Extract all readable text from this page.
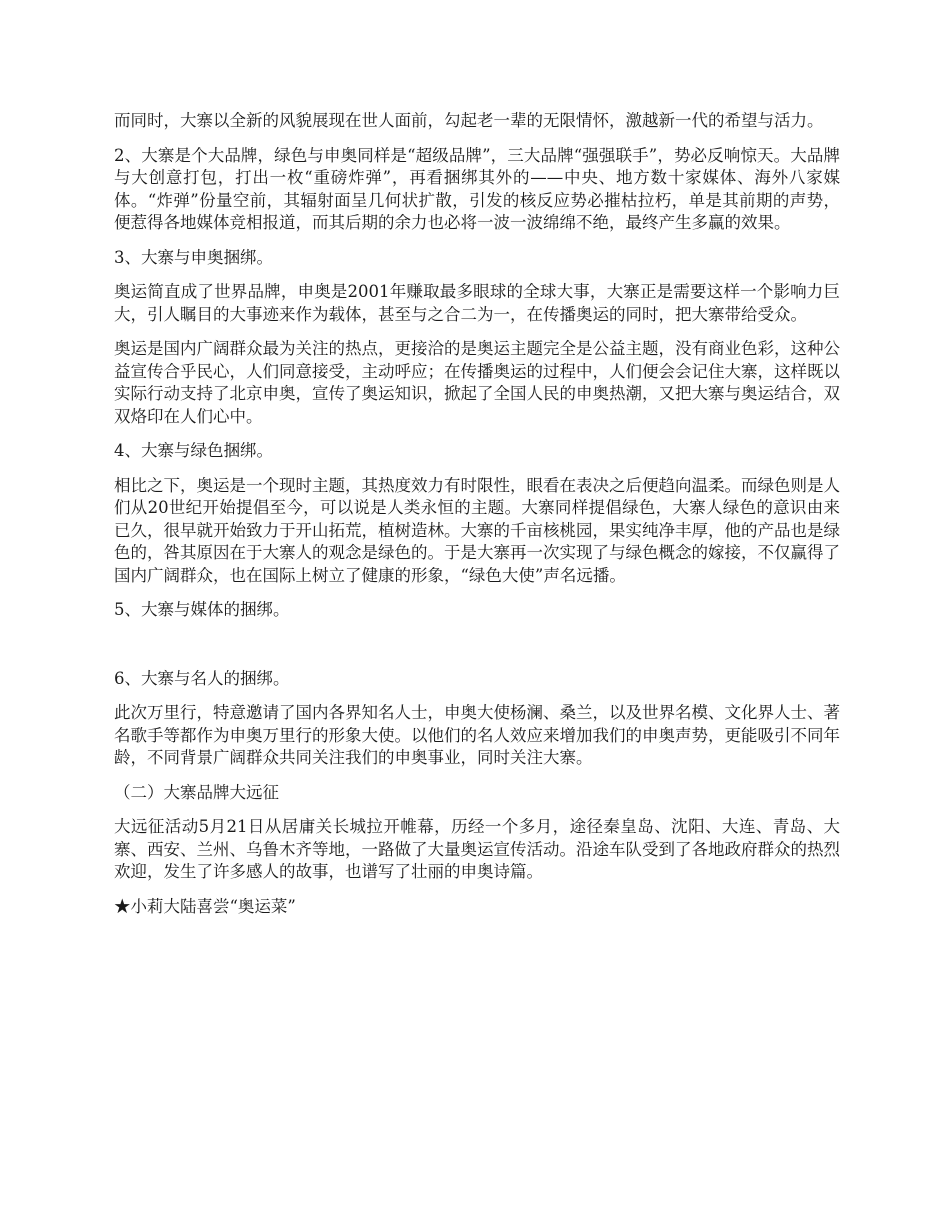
而同时，大寨以全新的风貌展现在世人面前，勾起老一辈的无限情怀，激越新一代的希望与活力。

2、大寨是个大品牌，绿色与申奥同样是“超级品牌”，三大品牌“强强联手”，势必反响惊天。大品牌与大创意打包，打出一枚“重磅炸弹”，再看捆绑其外的——中央、地方数十家媒体、海外八家媒体。“炸弹”份量空前，其辐射面呈几何状扩散，引发的核反应势必摧枯拉朽，单是其前期的声势，便惹得各地媒体竞相报道，而其后期的余力也必将一波一波绵绵不绝，最终产生多赢的效果。

3、大寨与申奥捆绑。

奥运简直成了世界品牌，申奥是2001年赚取最多眼球的全球大事，大寨正是需要这样一个影响力巨大，引人瞩目的大事迹来作为载体，甚至与之合二为一，在传播奥运的同时，把大寨带给受众。

奥运是国内广阔群众最为关注的热点，更接洽的是奥运主题完全是公益主题，没有商业色彩，这种公益宣传合乎民心，人们同意接受，主动呼应；在传播奥运的过程中，人们便会会记住大寨，这样既以实际行动支持了北京申奥，宣传了奥运知识，掀起了全国人民的申奥热潮，又把大寨与奥运结合，双双烙印在人们心中。

4、大寨与绿色捆绑。

相比之下，奥运是一个现时主题，其热度效力有时限性，眼看在表决之后便趋向温柔。而绿色则是人们从20世纪开始提倡至今，可以说是人类永恒的主题。大寨同样提倡绿色，大寨人绿色的意识由来已久，很早就开始致力于开山拓荒，植树造林。大寨的千亩核桃园，果实纯净丰厚，他的产品也是绿色的，咎其原因在于大寨人的观念是绿色的。于是大寨再一次实现了与绿色概念的嫁接，不仅赢得了国内广阔群众，也在国际上树立了健康的形象，“绿色大使”声名远播。

5、大寨与媒体的捆绑。

6、大寨与名人的捆绑。

此次万里行，特意邀请了国内各界知名人士，申奥大使杨澜、桑兰，以及世界名模、文化界人士、著名歌手等都作为申奥万里行的形象大使。以他们的名人效应来增加我们的申奥声势，更能吸引不同年龄，不同背景广阔群众共同关注我们的申奥事业，同时关注大寨。

（二）大寨品牌大远征

大远征活动5月21日从居庸关长城拉开帷幕，历经一个多月，途径秦皇岛、沈阳、大连、青岛、大寨、西安、兰州、乌鲁木齐等地，一路做了大量奥运宣传活动。沿途车队受到了各地政府群众的热烈欢迎，发生了许多感人的故事，也谱写了壮丽的申奥诗篇。

★小莉大陆喜尝“奥运菜”
